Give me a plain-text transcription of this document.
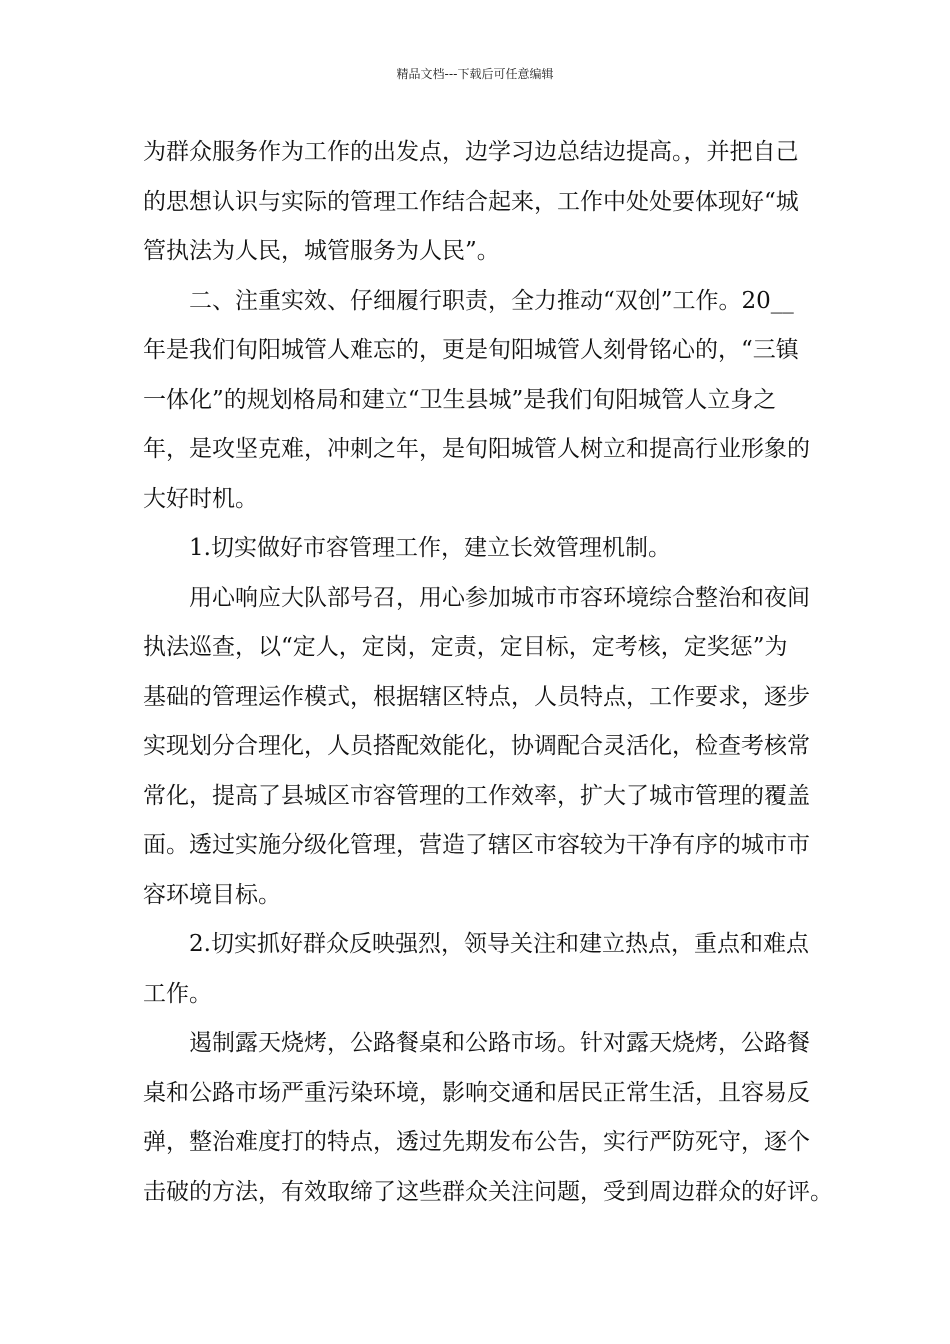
精品文档---下载后可任意编辑
为群众服务作为工作的出发点，边学习边总结边提高。，并把自己
的思想认识与实际的管理工作结合起来，工作中处处要体现好“城
管执法为人民，城管服务为人民”。
二、注重实效、仔细履行职责，全力推动“双创”工作。20__
年是我们旬阳城管人难忘的，更是旬阳城管人刻骨铭心的，“三镇
一体化”的规划格局和建立“卫生县城”是我们旬阳城管人立身之
年，是攻坚克难，冲刺之年，是旬阳城管人树立和提高行业形象的
大好时机。
1.切实做好市容管理工作，建立长效管理机制。
用心响应大队部号召，用心参加城市市容环境综合整治和夜间
执法巡查，以“定人，定岗，定责，定目标，定考核，定奖惩”为
基础的管理运作模式，根据辖区特点，人员特点，工作要求，逐步
实现划分合理化，人员搭配效能化，协调配合灵活化，检查考核常
常化，提高了县城区市容管理的工作效率，扩大了城市管理的覆盖
面。透过实施分级化管理，营造了辖区市容较为干净有序的城市市
容环境目标。
2.切实抓好群众反映强烈，领导关注和建立热点，重点和难点
工作。
遏制露天烧烤，公路餐桌和公路市场。针对露天烧烤，公路餐
桌和公路市场严重污染环境，影响交通和居民正常生活，且容易反
弹，整治难度打的特点，透过先期发布公告，实行严防死守，逐个
击破的方法，有效取缔了这些群众关注问题，受到周边群众的好评。
